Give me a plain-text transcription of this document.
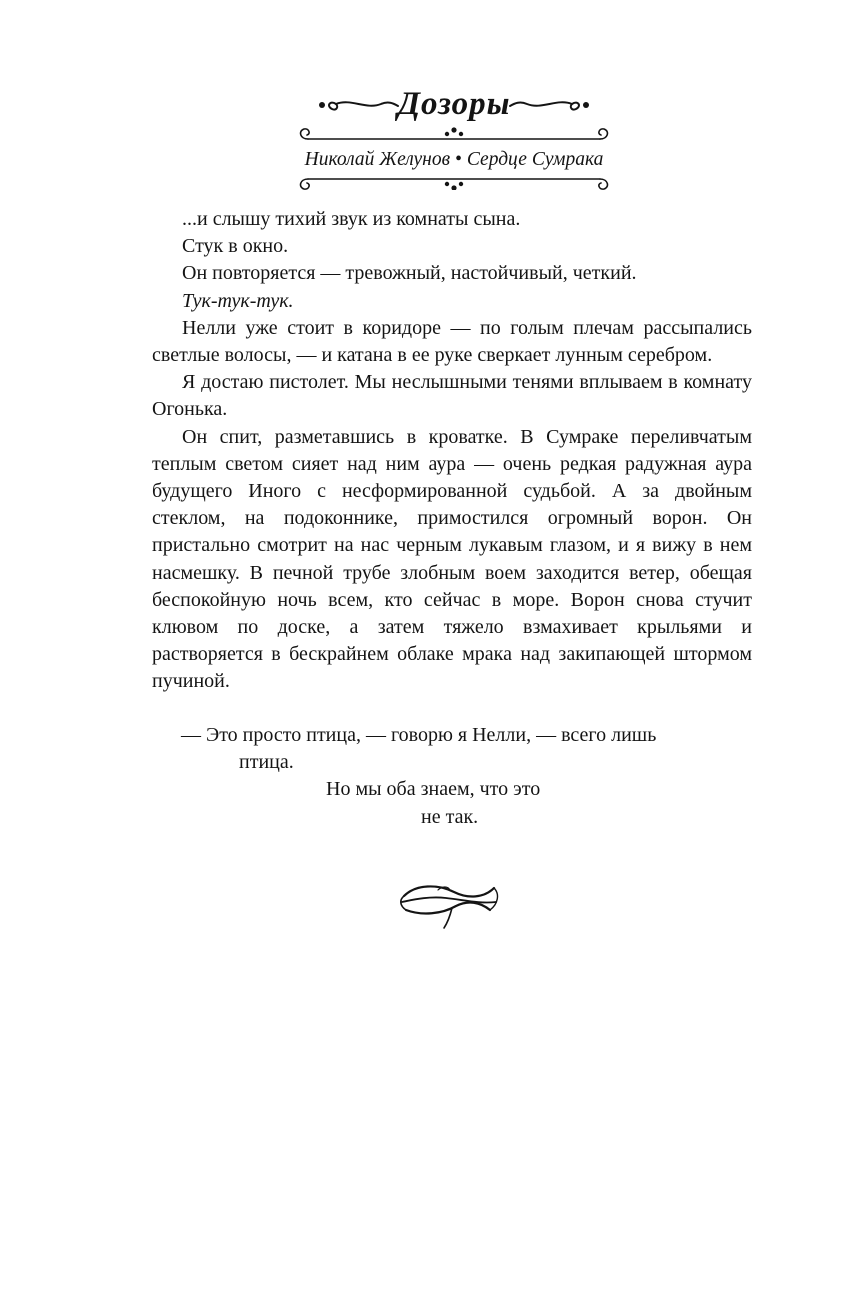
Дозоры
Николай Желунов • Сердце Сумрака

...и слышу тихий звук из комнаты сына.

Стук в окно.

Он повторяется — тревожный, настойчивый, четкий.

Тук-тук-тук.

Нелли уже стоит в коридоре — по голым плечам рассыпались светлые волосы, — и катана в ее руке сверкает лунным серебром.

Я достаю пистолет. Мы неслышными тенями вплываем в комнату Огонька.

Он спит, разметавшись в кроватке. В Сумраке переливчатым теплым светом сияет над ним аура — очень редкая радужная аура будущего Иного с несформированной судьбой. А за двойным стеклом, на подоконнике, примостился огромный ворон. Он пристально смотрит на нас черным лукавым глазом, и я вижу в нем насмешку. В печной трубе злобным воем заходится ветер, обещая беспокойную ночь всем, кто сейчас в море. Ворон снова стучит клювом по доске, а затем тяжело взмахивает крыльями и растворяется в бескрайнем облаке мрака над закипающей штормом пучиной.

— Это просто птица, — говорю я Нелли, — всего лишь
птица.
Но мы оба знаем, что это
не так.
